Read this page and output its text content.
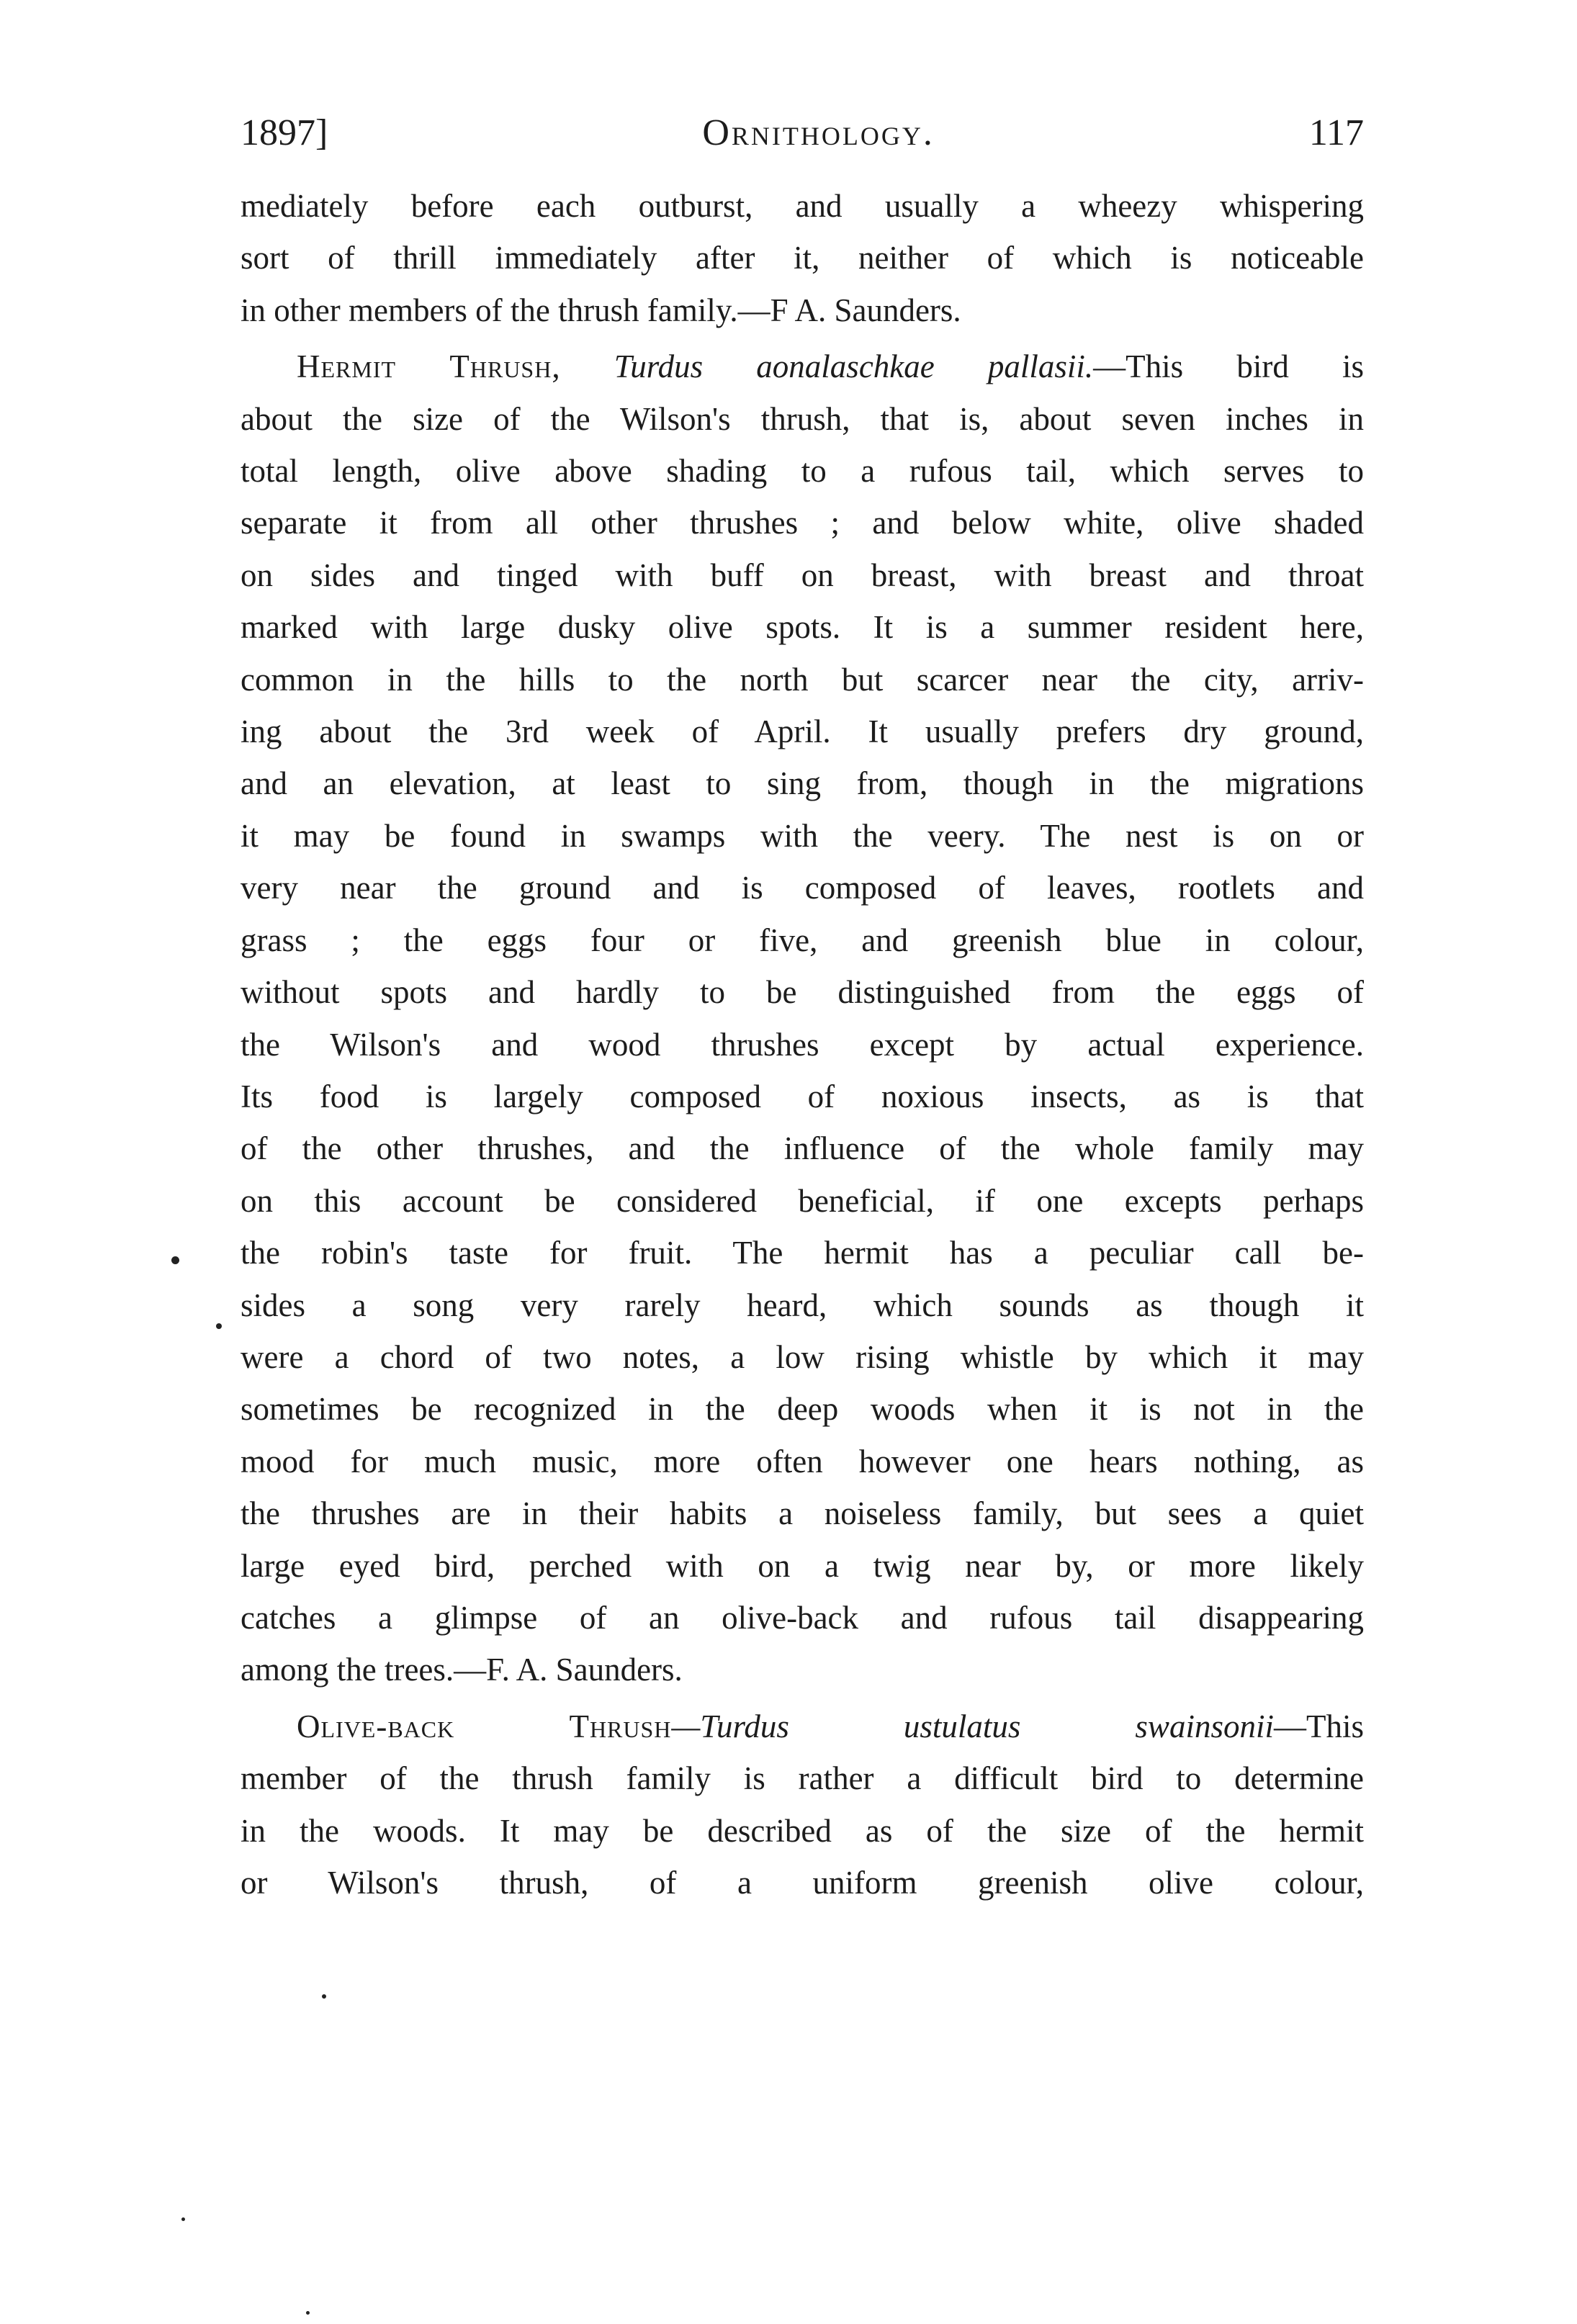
1897]	Ornithology.	117

mediately before each outburst, and usually a wheezy whispering
sort of thrill immediately after it, neither of which is noticeable
in other members of the thrush family.—F A. Saunders.

Hermit Thrush, Turdus aonalaschkae pallasii.—This bird is
about the size of the Wilson's thrush, that is, about seven inches in
total length, olive above shading to a rufous tail, which serves to
separate it from all other thrushes ; and below white, olive shaded
on sides and tinged with buff on breast, with breast and throat
marked with large dusky olive spots. It is a summer resident here,
common in the hills to the north but scarcer near the city, arriv-
ing about the 3rd week of April. It usually prefers dry ground,
and an elevation, at least to sing from, though in the migrations
it may be found in swamps with the veery. The nest is on or
very near the ground and is composed of leaves, rootlets and
grass ; the eggs four or five, and greenish blue in colour,
without spots and hardly to be distinguished from the eggs of
the Wilson's and wood thrushes except by actual experience.
Its food is largely composed of noxious insects, as is that
of the other thrushes, and the influence of the whole family may
on this account be considered beneficial, if one excepts perhaps
the robin's taste for fruit. The hermit has a peculiar call be-
sides a song very rarely heard, which sounds as though it
were a chord of two notes, a low rising whistle by which it may
sometimes be recognized in the deep woods when it is not in the
mood for much music, more often however one hears nothing, as
the thrushes are in their habits a noiseless family, but sees a quiet
large eyed bird, perched with on a twig near by, or more likely
catches a glimpse of an olive-back and rufous tail disappearing
among the trees.—F. A. Saunders.

Olive-back Thrush—Turdus ustulatus swainsonii—This
member of the thrush family is rather a difficult bird to determine
in the woods. It may be described as of the size of the hermit
or Wilson's thrush, of a uniform greenish olive colour,
